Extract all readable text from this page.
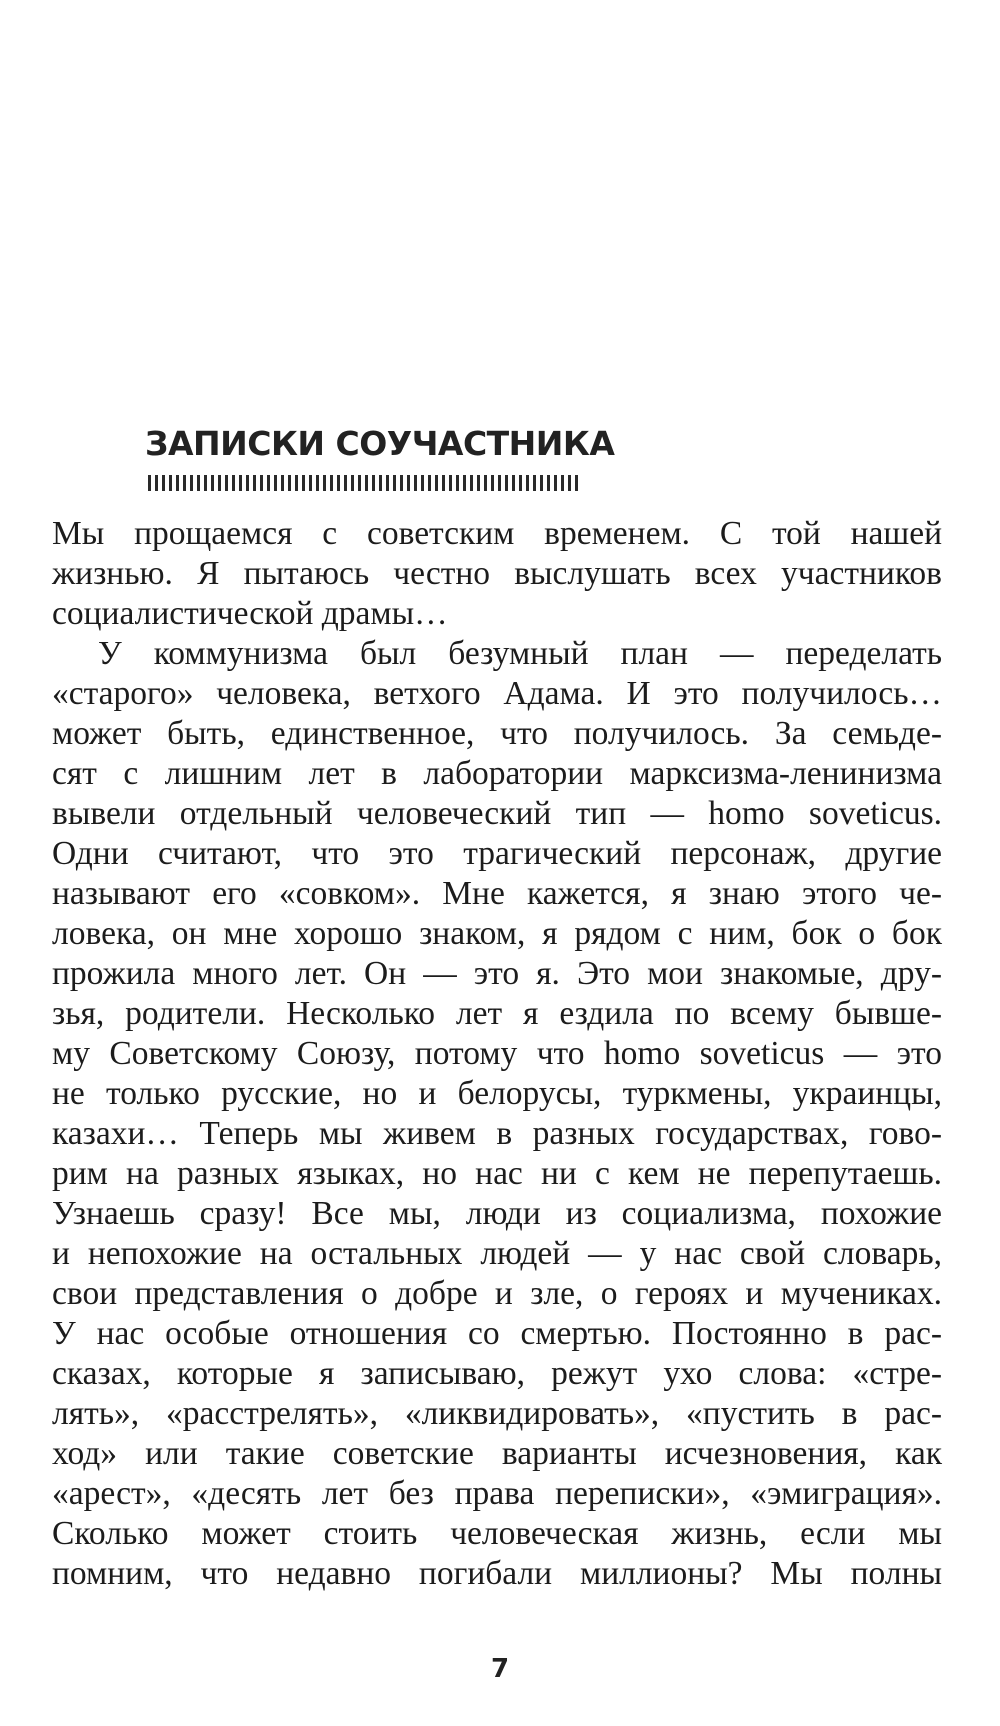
ЗАПИСКИ СОУЧАСТНИКА
Мы прощаемся с советским временем. С той нашей
жизнью. Я пытаюсь честно выслушать всех участников
социалистической драмы…
У коммунизма был безумный план — переделать
«старого» человека, ветхого Адама. И это получилось…
может быть, единственное, что получилось. За семьде-
сят с лишним лет в лаборатории марксизма-ленинизма
вывели отдельный человеческий тип — homo soveticus.
Одни считают, что это трагический персонаж, другие
называют его «совком». Мне кажется, я знаю этого че-
ловека, он мне хорошо знаком, я рядом с ним, бок о бок
прожила много лет. Он — это я. Это мои знакомые, дру-
зья, родители. Несколько лет я ездила по всему бывше-
му Советскому Союзу, потому что homo soveticus — это
не только русские, но и белорусы, туркмены, украинцы,
казахи… Теперь мы живем в разных государствах, гово-
рим на разных языках, но нас ни с кем не перепутаешь.
Узнаешь сразу! Все мы, люди из социализма, похожие
и непохожие на остальных людей — у нас свой словарь,
свои представления о добре и зле, о героях и мучениках.
У нас особые отношения со смертью. Постоянно в рас-
сказах, которые я записываю, режут ухо слова: «стре-
лять», «расстрелять», «ликвидировать», «пустить в рас-
ход» или такие советские варианты исчезновения, как
«арест», «десять лет без права переписки», «эмиграция».
Сколько может стоить человеческая жизнь, если мы
помним, что недавно погибали миллионы? Мы полны
7
